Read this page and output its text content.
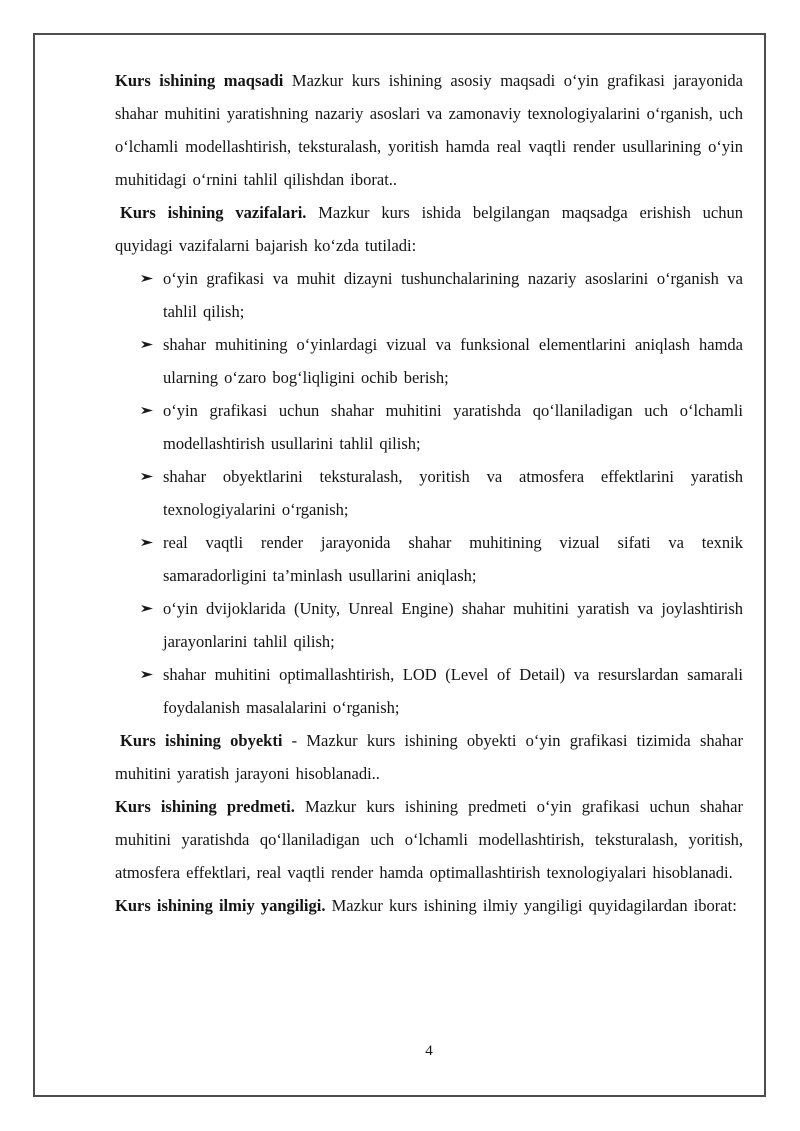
Kurs ishining maqsadi Mazkur kurs ishining asosiy maqsadi o‘yin grafikasi jarayonida shahar muhitini yaratishning nazariy asoslari va zamonaviy texnologiyalarini o‘rganish, uch o‘lchamli modellashtirish, teksturalash, yoritish hamda real vaqtli render usullarining o‘yin muhitidagi o‘rnini tahlil qilishdan iborat..

Kurs ishining vazifalari. Mazkur kurs ishida belgilangan maqsadga erishish uchun quyidagi vazifalarni bajarish ko‘zda tutiladi:

o‘yin grafikasi va muhit dizayni tushunchalarining nazariy asoslarini o‘rganish va tahlil qilish;
shahar muhitining o‘yinlardagi vizual va funksional elementlarini aniqlash hamda ularning o‘zaro bog‘liqligini ochib berish;
o‘yin grafikasi uchun shahar muhitini yaratishda qo‘llaniladigan uch o‘lchamli modellashtirish usullarini tahlil qilish;
shahar obyektlarini teksturalash, yoritish va atmosfera effektlarini yaratish texnologiyalarini o‘rganish;
real vaqtli render jarayonida shahar muhitining vizual sifati va texnik samaradorligini ta’minlash usullarini aniqlash;
o‘yin dvijoklarida (Unity, Unreal Engine) shahar muhitini yaratish va joylashtirish jarayonlarini tahlil qilish;
shahar muhitini optimallashtirish, LOD (Level of Detail) va resurslardan samarali foydalanish masalalarini o‘rganish;

Kurs ishining obyekti - Mazkur kurs ishining obyekti o‘yin grafikasi tizimida shahar muhitini yaratish jarayoni hisoblanadi..

Kurs ishining predmeti. Mazkur kurs ishining predmeti o‘yin grafikasi uchun shahar muhitini yaratishda qo‘llaniladigan uch o‘lchamli modellashtirish, teksturalash, yoritish, atmosfera effektlari, real vaqtli render hamda optimallashtirish texnologiyalari hisoblanadi.

Kurs ishining ilmiy yangiligi. Mazkur kurs ishining ilmiy yangiligi quyidagilardan iborat:

4
